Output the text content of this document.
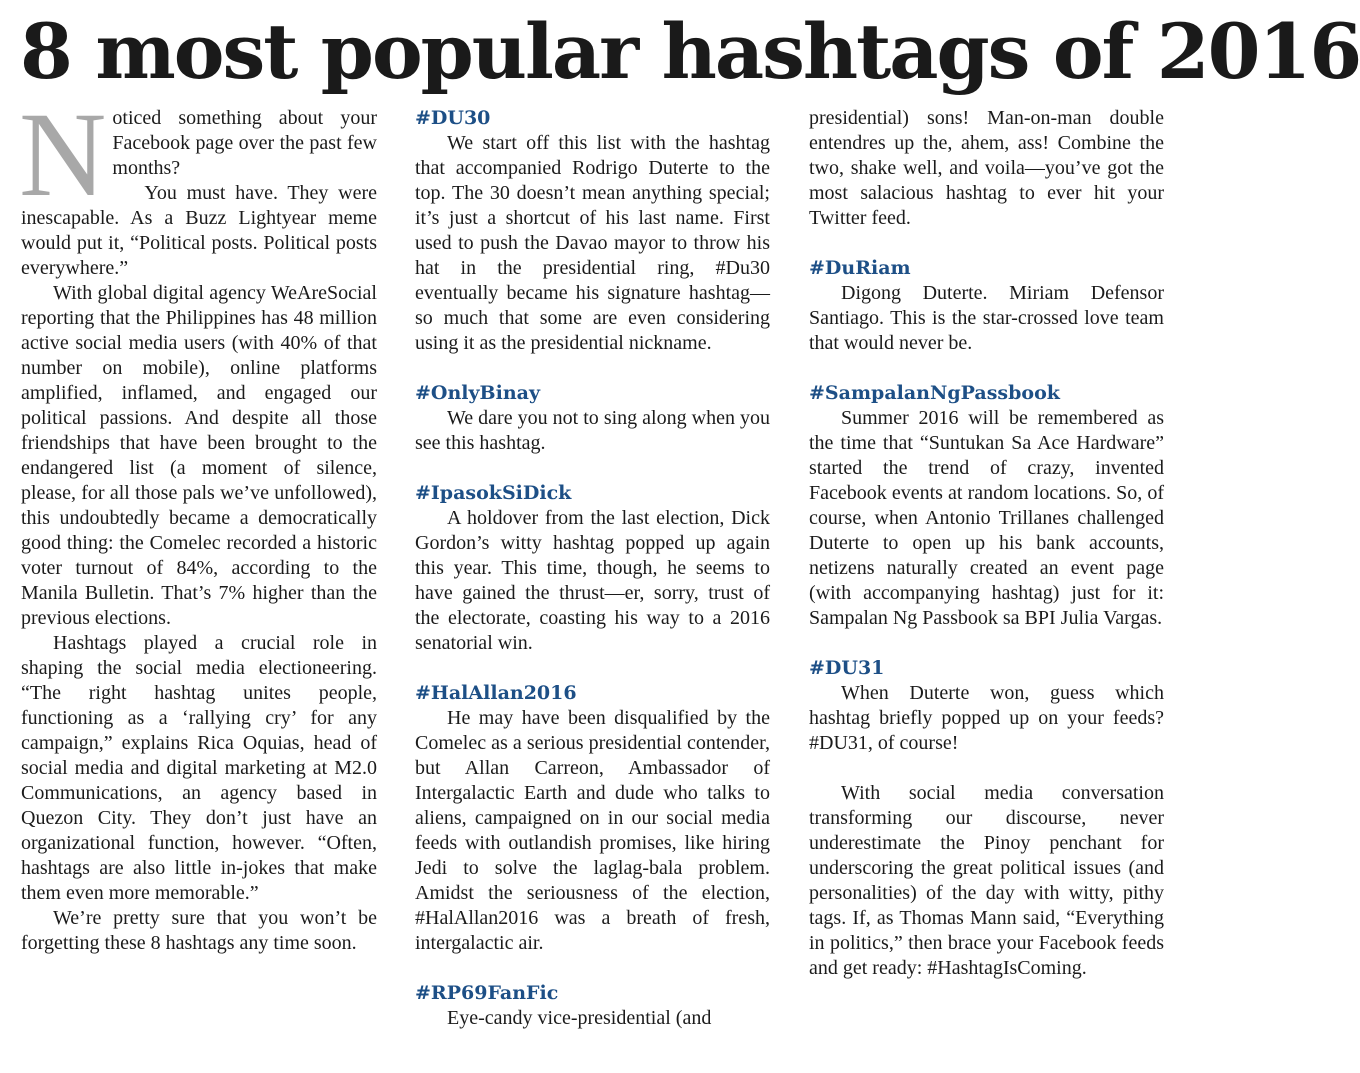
8 most popular hashtags of 2016

Noticed something about your Facebook page over the past few months?

You must have. They were inescapable. As a Buzz Lightyear meme would put it, “Political posts. Political posts everywhere.”

With global digital agency WeAreSocial reporting that the Philippines has 48 million active social media users (with 40% of that number on mobile), online platforms amplified, inflamed, and engaged our political passions. And despite all those friendships that have been brought to the endangered list (a moment of silence, please, for all those pals we’ve unfollowed), this undoubtedly became a democratically good thing: the Comelec recorded a historic voter turnout of 84%, according to the Manila Bulletin. That’s 7% higher than the previous elections.

Hashtags played a crucial role in shaping the social media electioneering. “The right hashtag unites people, functioning as a ‘rallying cry’ for any campaign,” explains Rica Oquias, head of social media and digital marketing at M2.0 Communications, an agency based in Quezon City. They don’t just have an organizational function, however. “Often, hashtags are also little in-jokes that make them even more memorable.”

We’re pretty sure that you won’t be forgetting these 8 hashtags any time soon.

#DU30

We start off this list with the hashtag that accompanied Rodrigo Duterte to the top. The 30 doesn’t mean anything special; it’s just a shortcut of his last name. First used to push the Davao mayor to throw his hat in the presidential ring, #Du30 eventually became his signature hashtag—so much that some are even considering using it as the presidential nickname.

#OnlyBinay

We dare you not to sing along when you see this hashtag.

#IpasokSiDick

A holdover from the last election, Dick Gordon’s witty hashtag popped up again this year. This time, though, he seems to have gained the thrust—er, sorry, trust of the electorate, coasting his way to a 2016 senatorial win.

#HalAllan2016

He may have been disqualified by the Comelec as a serious presidential contender, but Allan Carreon, Ambassador of Intergalactic Earth and dude who talks to aliens, campaigned on in our social media feeds with outlandish promises, like hiring Jedi to solve the laglag-bala problem. Amidst the seriousness of the election, #HalAllan2016 was a breath of fresh, intergalactic air.

#RP69FanFic

Eye-candy vice-presidential (and

presidential) sons! Man-on-man double entendres up the, ahem, ass! Combine the two, shake well, and voila—you’ve got the most salacious hashtag to ever hit your Twitter feed.

#DuRiam

Digong Duterte. Miriam Defensor Santiago. This is the star-crossed love team that would never be.

#SampalanNgPassbook

Summer 2016 will be remembered as the time that “Suntukan Sa Ace Hardware” started the trend of crazy, invented Facebook events at random locations. So, of course, when Antonio Trillanes challenged Duterte to open up his bank accounts, netizens naturally created an event page (with accompanying hashtag) just for it: Sampalan Ng Passbook sa BPI Julia Vargas.

#DU31

When Duterte won, guess which hashtag briefly popped up on your feeds? #DU31, of course!

With social media conversation transforming our discourse, never underestimate the Pinoy penchant for underscoring the great political issues (and personalities) of the day with witty, pithy tags. If, as Thomas Mann said, “Everything in politics,” then brace your Facebook feeds and get ready: #HashtagIsComing.
